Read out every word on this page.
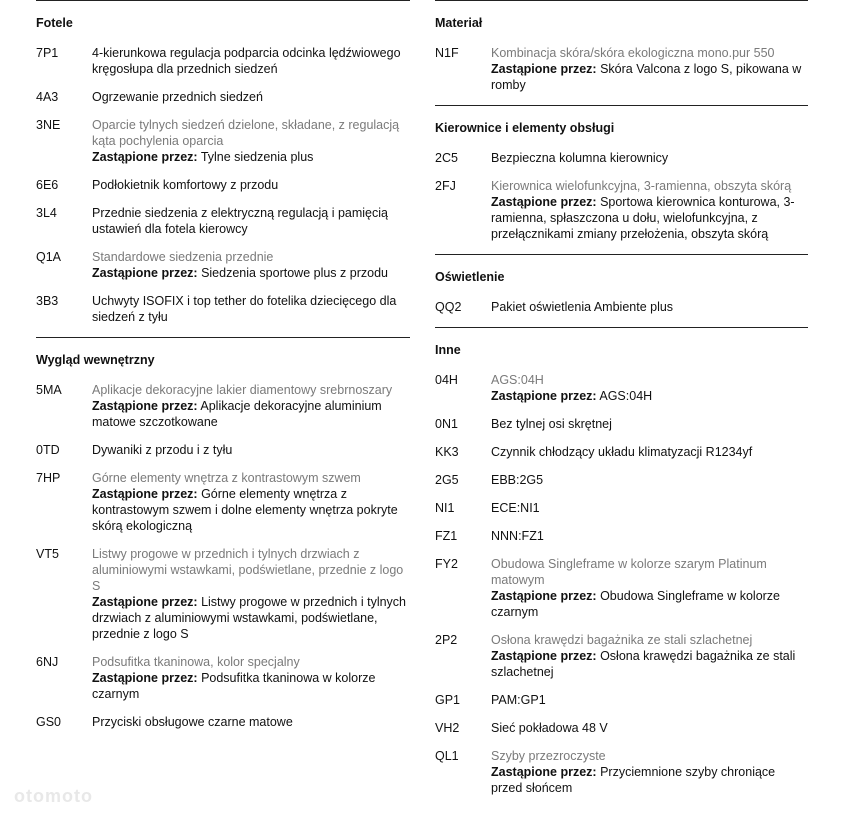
Fotele
7P1	4-kierunkowa regulacja podparcia odcinka lędźwiowego kręgosłupa dla przednich siedzeń
4A3	Ogrzewanie przednich siedzeń
3NE	Oparcie tylnych siedzeń dzielone, składane, z regulacją kąta pochylenia oparcia
Zastąpione przez: Tylne siedzenia plus
6E6	Podłokietnik komfortowy z przodu
3L4	Przednie siedzenia z elektryczną regulacją i pamięcią ustawień dla fotela kierowcy
Q1A	Standardowe siedzenia przednie
Zastąpione przez: Siedzenia sportowe plus z przodu
3B3	Uchwyty ISOFIX i top tether do fotelika dziecięcego dla siedzeń z tyłu
Wygląd wewnętrzny
5MA	Aplikacje dekoracyjne lakier diamentowy srebrnoszary
Zastąpione przez: Aplikacje dekoracyjne aluminium matowe szczotkowane
0TD	Dywaniki z przodu i z tyłu
7HP	Górne elementy wnętrza z kontrastowym szwem
Zastąpione przez: Górne elementy wnętrza z kontrastowym szwem i dolne elementy wnętrza pokryte skórą ekologiczną
VT5	Listwy progowe w przednich i tylnych drzwiach z aluminiowymi wstawkami, podświetlane, przednie z logo S
Zastąpione przez: Listwy progowe w przednich i tylnych drzwiach z aluminiowymi wstawkami, podświetlane, przednie z logo S
6NJ	Podsufitka tkaninowa, kolor specjalny
Zastąpione przez: Podsufitka tkaninowa w kolorze czarnym
GS0	Przyciski obsługowe czarne matowe
Materiał
N1F	Kombinacja skóra/skóra ekologiczna mono.pur 550
Zastąpione przez: Skóra Valcona z logo S, pikowana w romby
Kierownice i elementy obsługi
2C5	Bezpieczna kolumna kierownicy
2FJ	Kierownica wielofunkcyjna, 3-ramienna, obszyta skórą
Zastąpione przez: Sportowa kierownica konturowa, 3-ramienna, spłaszczona u dołu, wielofunkcyjna, z przełącznikami zmiany przełożenia, obszyta skórą
Oświetlenie
QQ2	Pakiet oświetlenia Ambiente plus
Inne
04H	AGS:04H
Zastąpione przez: AGS:04H
0N1	Bez tylnej osi skrętnej
KK3	Czynnik chłodzący układu klimatyzacji R1234yf
2G5	EBB:2G5
NI1	ECE:NI1
FZ1	NNN:FZ1
FY2	Obudowa Singleframe w kolorze szarym Platinum matowym
Zastąpione przez: Obudowa Singleframe w kolorze czarnym
2P2	Osłona krawędzi bagażnika ze stali szlachetnej
Zastąpione przez: Osłona krawędzi bagażnika ze stali szlachetnej
GP1	PAM:GP1
VH2	Sieć pokładowa 48 V
QL1	Szyby przezroczyste
Zastąpione przez: Przyciemnione szyby chroniące przed słońcem
otomoto
